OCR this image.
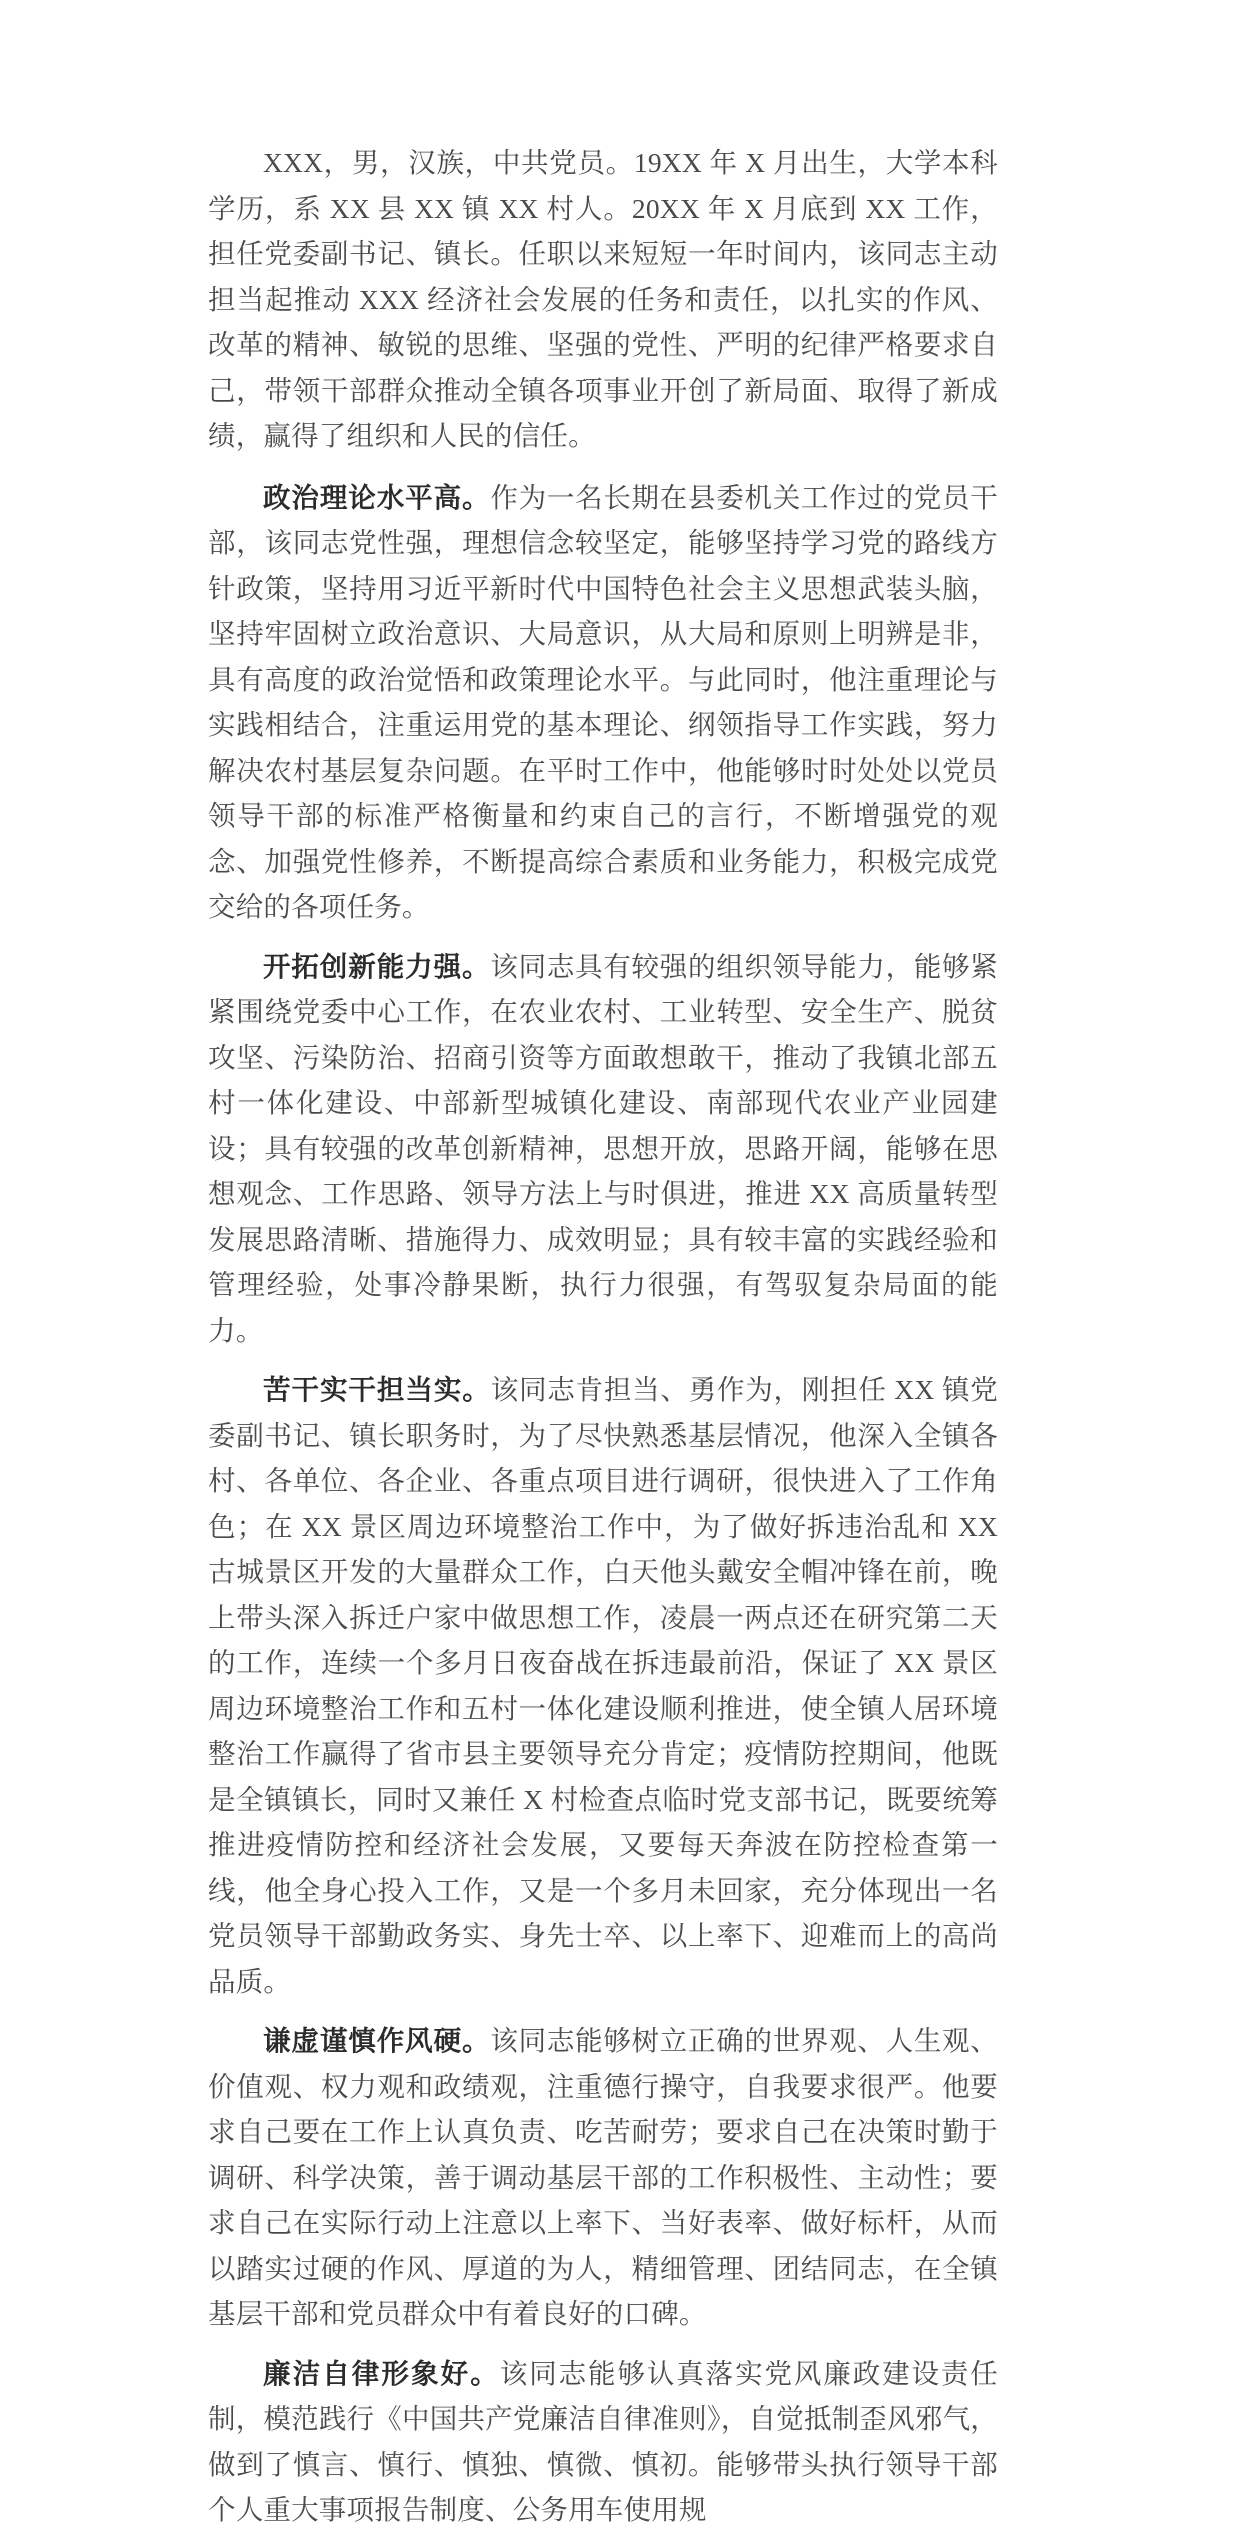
XXX，男，汉族，中共党员。19XX 年 X 月出生，大学本科学历，系 XX 县 XX 镇 XX 村人。20XX 年 X 月底到 XX 工作，担任党委副书记、镇长。任职以来短短一年时间内，该同志主动担当起推动 XXX 经济社会发展的任务和责任，以扎实的作风、改革的精神、敏锐的思维、坚强的党性、严明的纪律严格要求自己，带领干部群众推动全镇各项事业开创了新局面、取得了新成绩，赢得了组织和人民的信任。

政治理论水平高。作为一名长期在县委机关工作过的党员干部，该同志党性强，理想信念较坚定，能够坚持学习党的路线方针政策，坚持用习近平新时代中国特色社会主义思想武装头脑，坚持牢固树立政治意识、大局意识，从大局和原则上明辨是非，具有高度的政治觉悟和政策理论水平。与此同时，他注重理论与实践相结合，注重运用党的基本理论、纲领指导工作实践，努力解决农村基层复杂问题。在平时工作中，他能够时时处处以党员领导干部的标准严格衡量和约束自己的言行，不断增强党的观念、加强党性修养，不断提高综合素质和业务能力，积极完成党交给的各项任务。

开拓创新能力强。该同志具有较强的组织领导能力，能够紧紧围绕党委中心工作，在农业农村、工业转型、安全生产、脱贫攻坚、污染防治、招商引资等方面敢想敢干，推动了我镇北部五村一体化建设、中部新型城镇化建设、南部现代农业产业园建设；具有较强的改革创新精神，思想开放，思路开阔，能够在思想观念、工作思路、领导方法上与时俱进，推进 XX 高质量转型发展思路清晰、措施得力、成效明显；具有较丰富的实践经验和管理经验，处事冷静果断，执行力很强，有驾驭复杂局面的能力。

苦干实干担当实。该同志肯担当、勇作为，刚担任 XX 镇党委副书记、镇长职务时，为了尽快熟悉基层情况，他深入全镇各村、各单位、各企业、各重点项目进行调研，很快进入了工作角色；在 XX 景区周边环境整治工作中，为了做好拆违治乱和 XX 古城景区开发的大量群众工作，白天他头戴安全帽冲锋在前，晚上带头深入拆迁户家中做思想工作，凌晨一两点还在研究第二天的工作，连续一个多月日夜奋战在拆违最前沿，保证了 XX 景区周边环境整治工作和五村一体化建设顺利推进，使全镇人居环境整治工作赢得了省市县主要领导充分肯定；疫情防控期间，他既是全镇镇长，同时又兼任 X 村检查点临时党支部书记，既要统筹推进疫情防控和经济社会发展，又要每天奔波在防控检查第一线，他全身心投入工作，又是一个多月未回家，充分体现出一名党员领导干部勤政务实、身先士卒、以上率下、迎难而上的高尚品质。

谦虚谨慎作风硬。该同志能够树立正确的世界观、人生观、价值观、权力观和政绩观，注重德行操守，自我要求很严。他要求自己要在工作上认真负责、吃苦耐劳；要求自己在决策时勤于调研、科学决策，善于调动基层干部的工作积极性、主动性；要求自己在实际行动上注意以上率下、当好表率、做好标杆，从而以踏实过硬的作风、厚道的为人，精细管理、团结同志，在全镇基层干部和党员群众中有着良好的口碑。

廉洁自律形象好。该同志能够认真落实党风廉政建设责任制，模范践行《中国共产党廉洁自律准则》，自觉抵制歪风邪气，做到了慎言、慎行、慎独、慎微、慎初。能够带头执行领导干部个人重大事项报告制度、公务用车使用规
